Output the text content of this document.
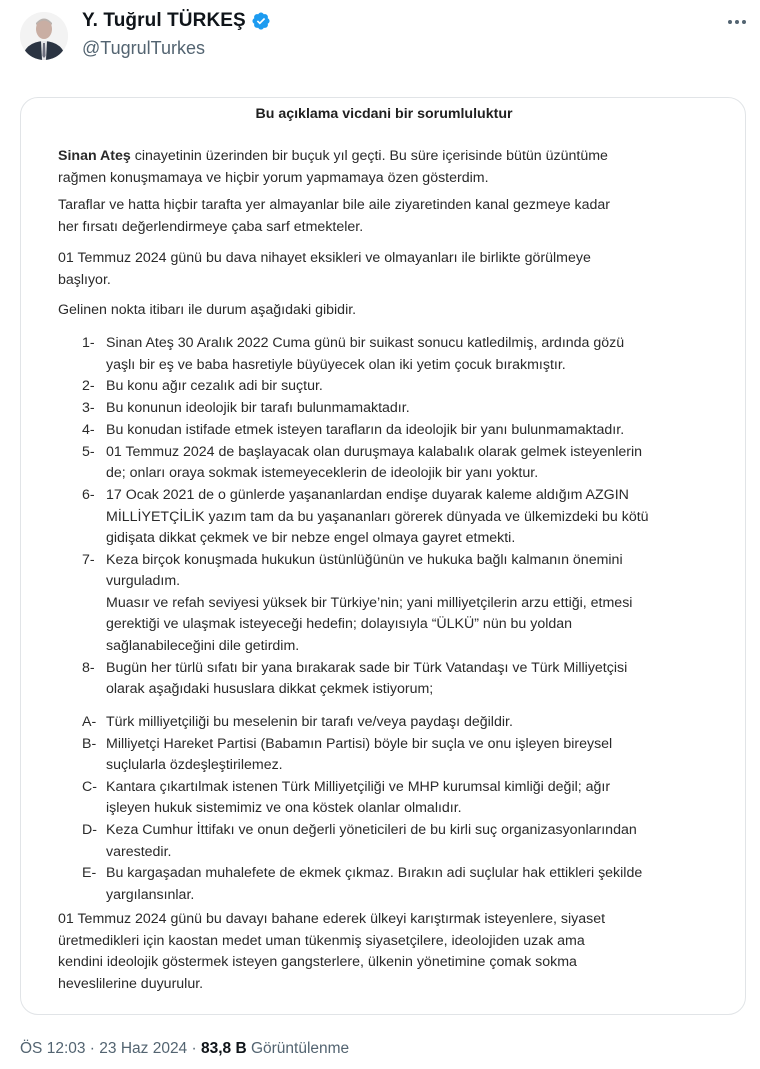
Y. Tuğrul TÜRKEŞ
@TugrulTurkes
Bu açıklama vicdani bir sorumluluktur
Sinan Ateş cinayetinin üzerinden bir buçuk yıl geçti. Bu süre içerisinde bütün üzüntüme
rağmen konuşmamaya ve hiçbir yorum yapmamaya özen gösterdim.
Taraflar ve hatta hiçbir tarafta yer almayanlar bile aile ziyaretinden kanal gezmeye kadar
her fırsatı değerlendirmeye çaba sarf etmekteler.
01 Temmuz 2024 günü bu dava nihayet eksikleri ve olmayanları ile birlikte görülmeye
başlıyor.
Gelinen nokta itibarı ile durum aşağıdaki gibidir.
1- Sinan Ateş 30 Aralık 2022 Cuma günü bir suikast sonucu katledilmiş, ardında gözü
yaşlı bir eş ve baba hasretiyle büyüyecek olan iki yetim çocuk bırakmıştır.
2- Bu konu ağır cezalık adi bir suçtur.
3- Bu konunun ideolojik bir tarafı bulunmamaktadır.
4- Bu konudan istifade etmek isteyen tarafların da ideolojik bir yanı bulunmamaktadır.
5- 01 Temmuz 2024 de başlayacak olan duruşmaya kalabalık olarak gelmek isteyenlerin
de; onları oraya sokmak istemeyeceklerin de ideolojik bir yanı yoktur.
6- 17 Ocak 2021 de o günlerde yaşananlardan endişe duyarak kaleme aldığım AZGIN
MİLLİYETÇİLİK yazım tam da bu yaşananları görerek dünyada ve ülkemizdeki bu kötü
gidişata dikkat çekmek ve bir nebze engel olmaya gayret etmekti.
7- Keza birçok konuşmada hukukun üstünlüğünün ve hukuka bağlı kalmanın önemini
vurguladım.
Muasır ve refah seviyesi yüksek bir Türkiye’nin; yani milliyetçilerin arzu ettiği, etmesi
gerektiği ve ulaşmak isteyeceği hedefin; dolayısıyla “ÜLKÜ” nün bu yoldan
sağlanabileceğini dile getirdim.
8- Bugün her türlü sıfatı bir yana bırakarak sade bir Türk Vatandaşı ve Türk Milliyetçisi
olarak aşağıdaki hususlara dikkat çekmek istiyorum;
A- Türk milliyetçiliği bu meselenin bir tarafı ve/veya paydaşı değildir.
B- Milliyetçi Hareket Partisi (Babamın Partisi) böyle bir suçla ve onu işleyen bireysel
suçlularla özdeşleştirilemez.
C- Kantara çıkartılmak istenen Türk Milliyetçiliği ve MHP kurumsal kimliği değil; ağır
işleyen hukuk sistemimiz ve ona köstek olanlar olmalıdır.
D- Keza Cumhur İttifakı ve onun değerli yöneticileri de bu kirli suç organizasyonlarından
varestedir.
E- Bu kargaşadan muhalefete de ekmek çıkmaz. Bırakın adi suçlular hak ettikleri şekilde
yargılansınlar.
01 Temmuz 2024 günü bu davayı bahane ederek ülkeyi karıştırmak isteyenlere, siyaset
üretmedikleri için kaostan medet uman tükenmiş siyasetçilere, ideolojiden uzak ama
kendini ideolojik göstermek isteyen gangsterlere, ülkenin yönetimine çomak sokma
heveslilerine duyurulur.
ÖS 12:03 · 23 Haz 2024 · 83,8 B Görüntülenme
